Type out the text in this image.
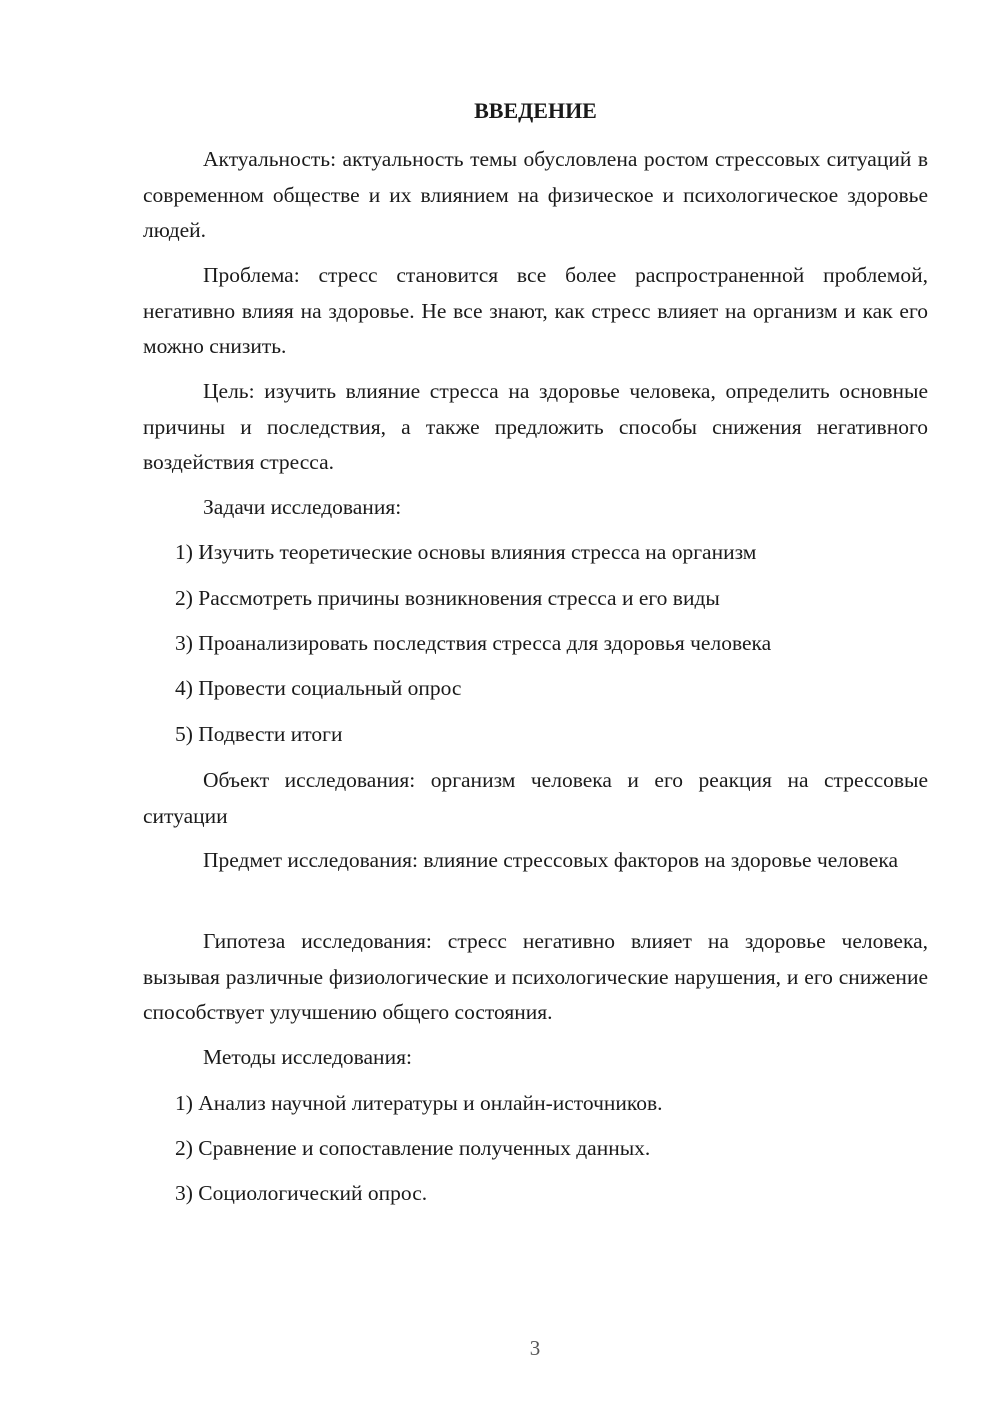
ВВЕДЕНИЕ

Актуальность: актуальность темы обусловлена ростом стрессовых ситуаций в современном обществе и их влиянием на физическое и психологическое здоровье людей.

Проблема: стресс становится все более распространенной проблемой, негативно влияя на здоровье. Не все знают, как стресс влияет на организм и как его можно снизить.

Цель: изучить влияние стресса на здоровье человека, определить основные причины и последствия, а также предложить способы снижения негативного воздействия стресса.

Задачи исследования:

1) Изучить теоретические основы влияния стресса на организм

2) Рассмотреть причины возникновения стресса и его виды

3) Проанализировать последствия стресса для здоровья человека

4) Провести социальный опрос

5) Подвести итоги

Объект исследования: организм человека и его реакция на стрессовые ситуации

Предмет исследования: влияние стрессовых факторов на здоровье человека

Гипотеза исследования: стресс негативно влияет на здоровье человека, вызывая различные физиологические и психологические нарушения, и его снижение способствует улучшению общего состояния.

Методы исследования:

1) Анализ научной литературы и онлайн-источников.

2) Сравнение и сопоставление полученных данных.

3) Социологический опрос.

3
